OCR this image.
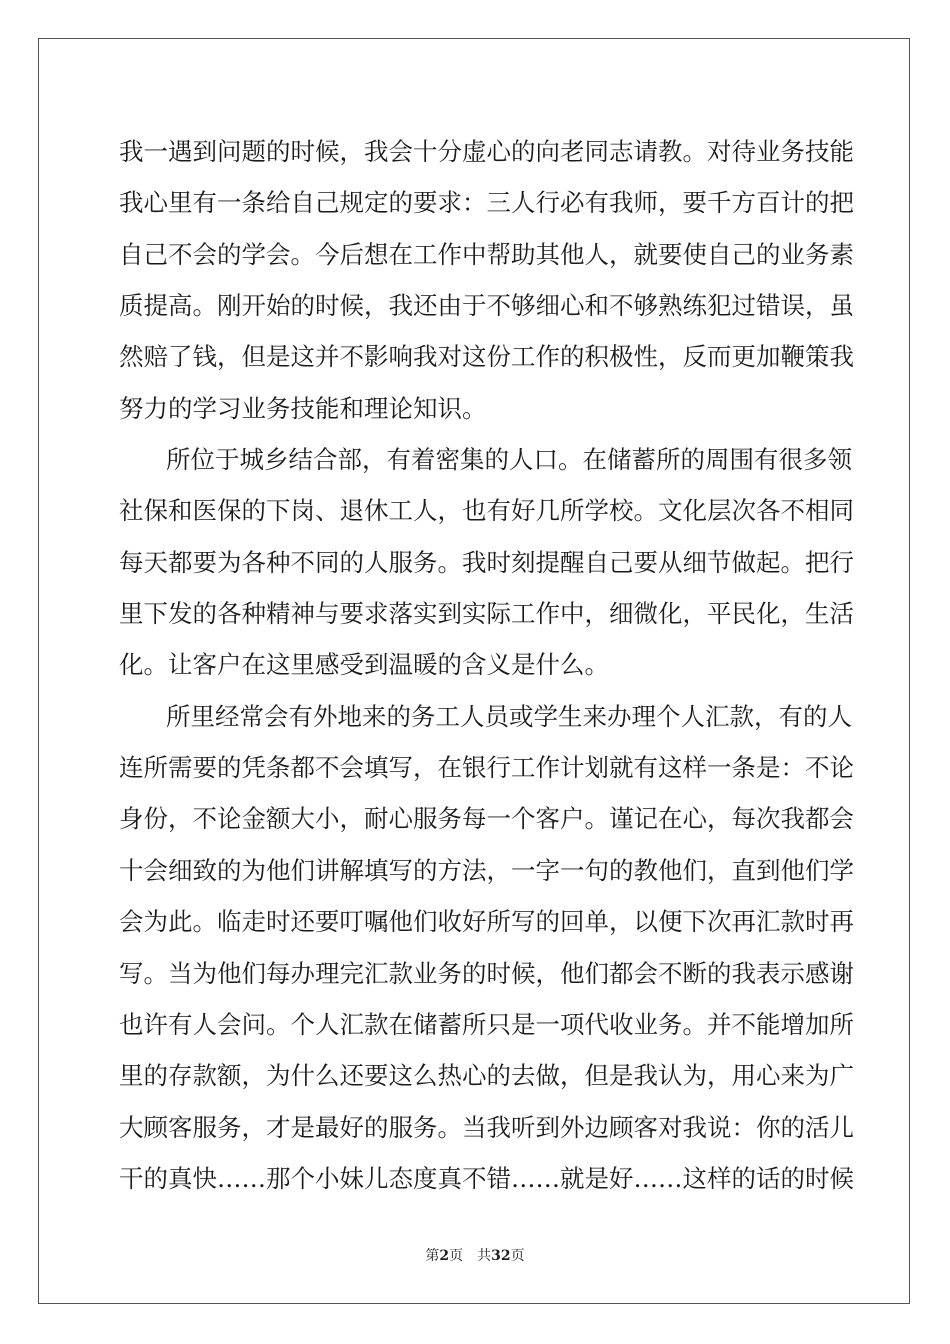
我一遇到问题的时候，我会十分虚心的向老同志请教。对待业务技能
我心里有一条给自己规定的要求：三人行必有我师，要千方百计的把
自己不会的学会。今后想在工作中帮助其他人，就要使自己的业务素
质提高。刚开始的时候，我还由于不够细心和不够熟练犯过错误，虽
然赔了钱，但是这并不影响我对这份工作的积极性，反而更加鞭策我
努力的学习业务技能和理论知识。
所位于城乡结合部，有着密集的人口。在储蓄所的周围有很多领
社保和医保的下岗、退休工人，也有好几所学校。文化层次各不相同
每天都要为各种不同的人服务。我时刻提醒自己要从细节做起。把行
里下发的各种精神与要求落实到实际工作中，细微化，平民化，生活
化。让客户在这里感受到温暖的含义是什么。
所里经常会有外地来的务工人员或学生来办理个人汇款，有的人
连所需要的凭条都不会填写，在银行工作计划就有这样一条是：不论
身份，不论金额大小，耐心服务每一个客户。谨记在心，每次我都会
十会细致的为他们讲解填写的方法，一字一句的教他们，直到他们学
会为此。临走时还要叮嘱他们收好所写的回单，以便下次再汇款时再
写。当为他们每办理完汇款业务的时候，他们都会不断的我表示感谢
也许有人会问。个人汇款在储蓄所只是一项代收业务。并不能增加所
里的存款额，为什么还要这么热心的去做，但是我认为，用心来为广
大顾客服务，才是最好的服务。当我听到外边顾客对我说：你的活儿
干的真快……那个小妹儿态度真不错……就是好……这样的话的时候
第2页 共32页
